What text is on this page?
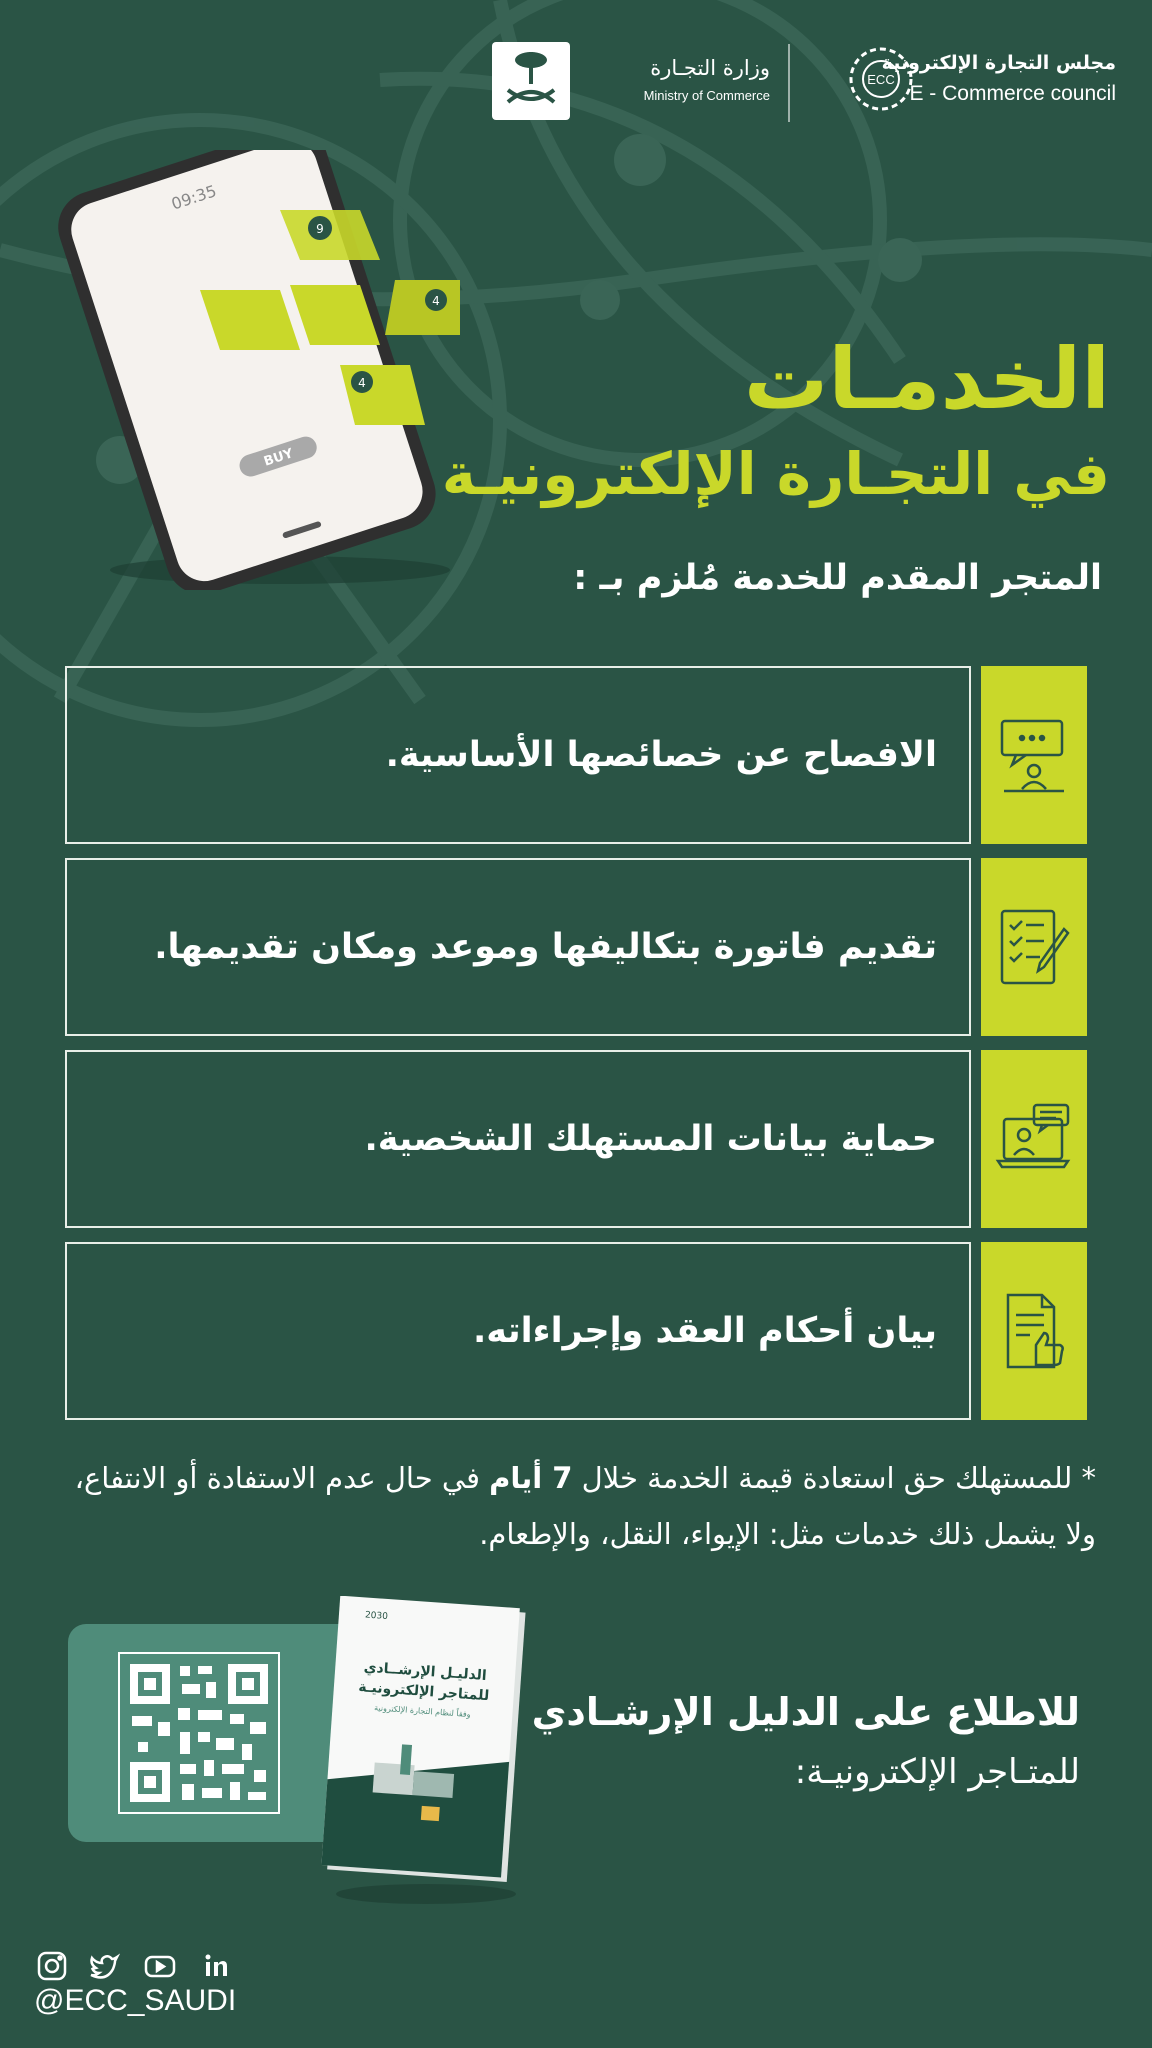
ECC
مجلس التجارة الإلكترونية
E - Commerce council
وزارة التجـارة
Ministry of Commerce
09:35
BUY
9
4
4	الخدمـات
في التجـارة الإلكترونيـة
المتجر المقدم للخدمة مُلزم بـ :
الافصاح عن خصائصها الأساسية.
تقديم فاتورة بتكاليفها وموعد ومكان تقديمها.
حماية بيانات المستهلك الشخصية.
بيان أحكام العقد وإجراءاته.
* للمستهلك حق استعادة قيمة الخدمة خلال 7 أيام في حال عدم الاستفادة أو الانتفاع، ولا يشمل ذلك خدمات مثل: الإيواء، النقل، والإطعام.
2030
الدليـل الإرشــادي
للمتاجر الإلكترونيـة
وفقاً لنظام التجارة الإلكترونية للاطلاع على الدليل الإرشـادي
للمتـاجر الإلكترونيـة:
@ECC_SAUDI
